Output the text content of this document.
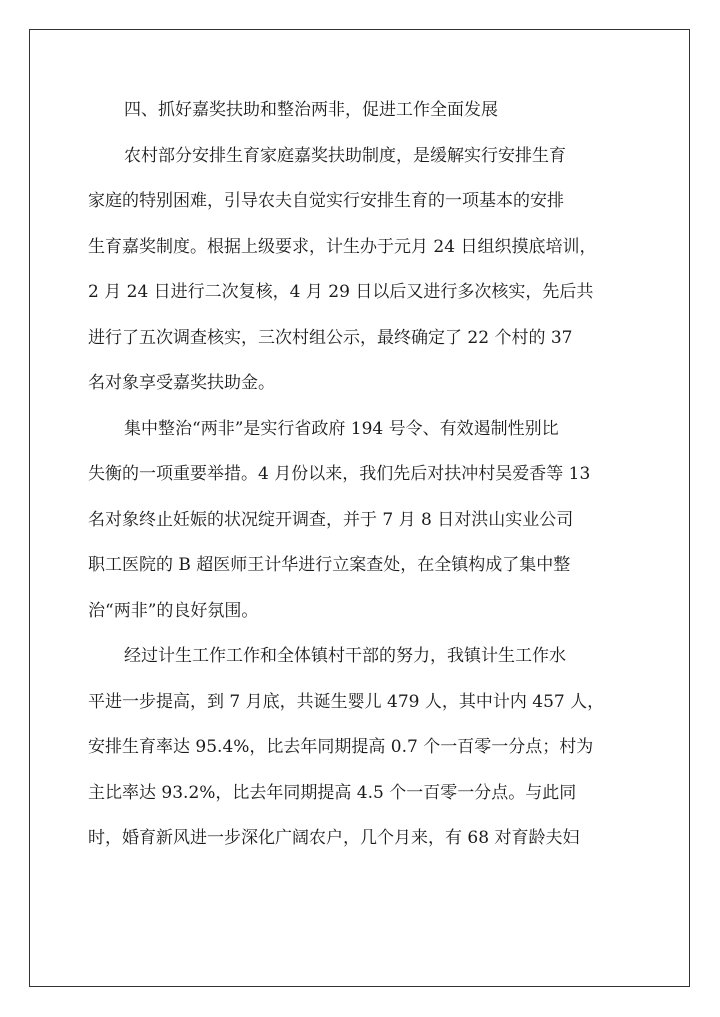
四、抓好嘉奖扶助和整治两非，促进工作全面发展
农村部分安排生育家庭嘉奖扶助制度，是缓解实行安排生育
家庭的特别困难，引导农夫自觉实行安排生育的一项基本的安排
生育嘉奖制度。根据上级要求，计生办于元月 24 日组织摸底培训，
2 月 24 日进行二次复核，4 月 29 日以后又进行多次核实，先后共
进行了五次调查核实，三次村组公示，最终确定了 22 个村的 37
名对象享受嘉奖扶助金。
集中整治“两非”是实行省政府 194 号令、有效遏制性别比
失衡的一项重要举措。4 月份以来，我们先后对扶冲村吴爱香等 13
名对象终止妊娠的状况绽开调查，并于 7 月 8 日对洪山实业公司
职工医院的 B 超医师王计华进行立案查处，在全镇构成了集中整
治“两非”的良好氛围。
经过计生工作工作和全体镇村干部的努力，我镇计生工作水
平进一步提高，到 7 月底，共诞生婴儿 479 人，其中计内 457 人，
安排生育率达 95.4%，比去年同期提高 0.7 个一百零一分点；村为
主比率达 93.2%，比去年同期提高 4.5 个一百零一分点。与此同
时，婚育新风进一步深化广阔农户，几个月来，有 68 对育龄夫妇
